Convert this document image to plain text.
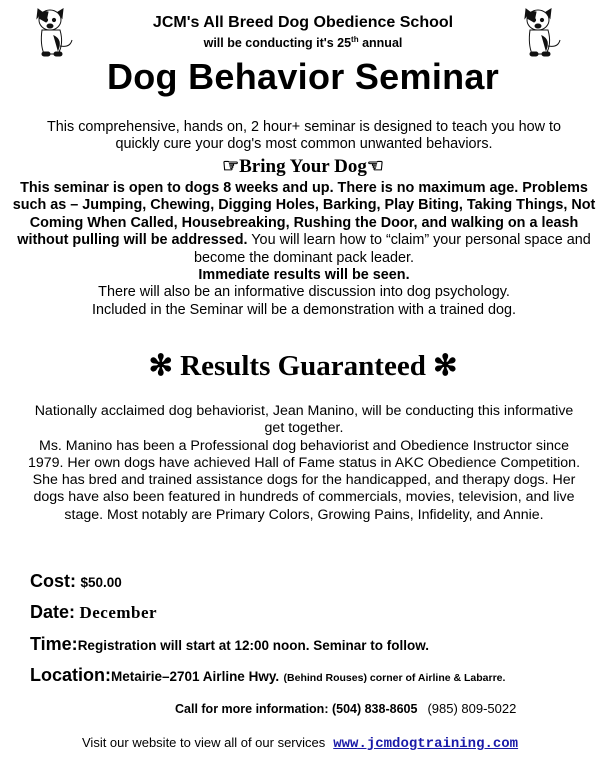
JCM's All Breed Dog Obedience School
will be conducting it's 25th annual
Dog Behavior Seminar
This comprehensive, hands on, 2 hour+ seminar is designed to teach you how to quickly cure your dog's most common unwanted behaviors.
☞Bring Your Dog☜
This seminar is open to dogs 8 weeks and up. There is no maximum age. Problems such as – Jumping, Chewing, Digging Holes, Barking, Play Biting, Taking Things, Not Coming When Called, Housebreaking, Rushing the Door, and walking on a leash without pulling will be addressed. You will learn how to “claim” your personal space and become the dominant pack leader.
Immediate results will be seen.
There will also be an informative discussion into dog psychology.
Included in the Seminar will be a demonstration with a trained dog.
✻ Results Guaranteed ✻
Nationally acclaimed dog behaviorist, Jean Manino, will be conducting this informative get together.
Ms. Manino has been a Professional dog behaviorist and Obedience Instructor since 1979. Her own dogs have achieved Hall of Fame status in AKC Obedience Competition. She has bred and trained assistance dogs for the handicapped, and therapy dogs. Her dogs have also been featured in hundreds of commercials, movies, television, and live stage. Most notably are Primary Colors, Growing Pains, Infidelity, and Annie.
Cost: $50.00
Date: December
Time:Registration will start at 12:00 noon. Seminar to follow.
Location:Metairie–2701 Airline Hwy. (Behind Rouses) corner of Airline & Labarre.
Call for more information: (504) 838-8605 (985) 809-5022
Visit our website to view all of our services www.jcmdogtraining.com
